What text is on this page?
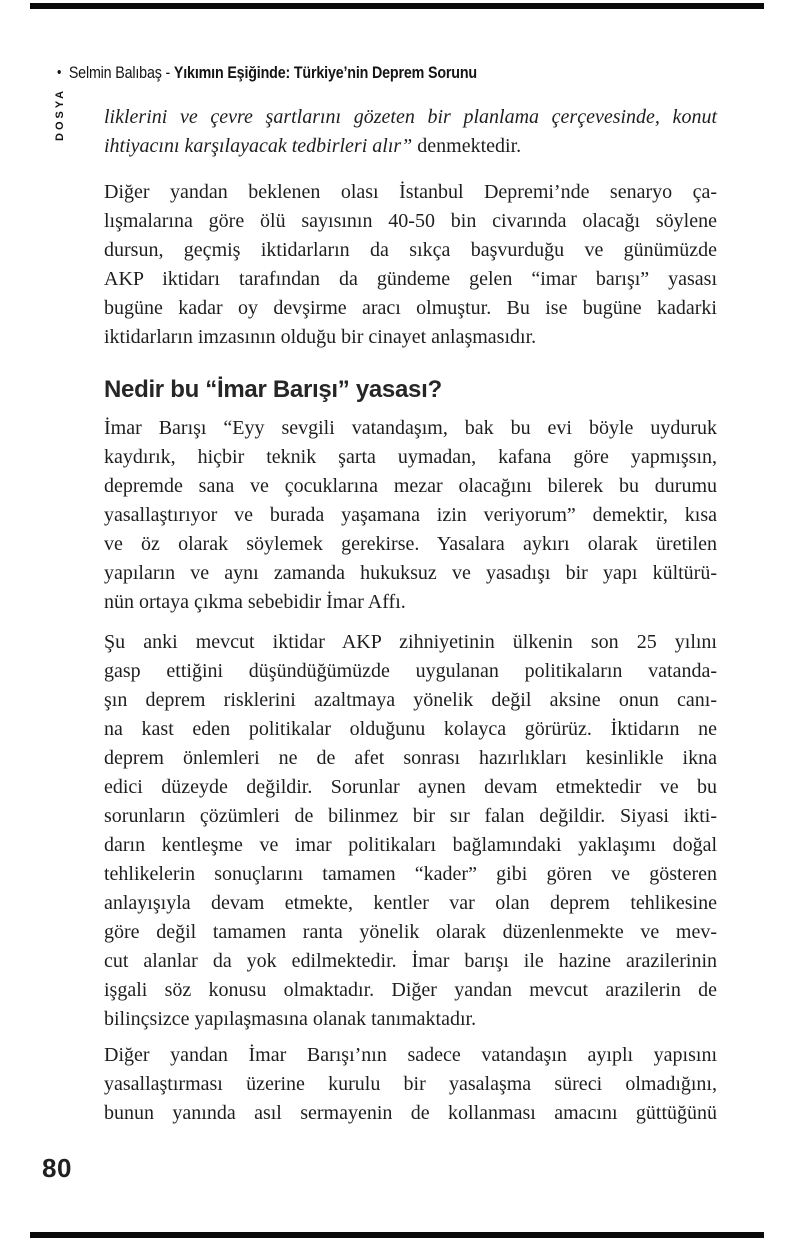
• Selmin Balıbaş - Yıkımın Eşiğinde: Türkiye’nin Deprem Sorunu
DOSYA liklerini ve çevre şartlarını gözeten bir planlama çerçevesinde, konut
ihtiyacını karşılayacak tedbirleri alır” denmektedir.
Diğer yandan beklenen olası İstanbul Depremi’nde senaryo ça-
lışmalarına göre ölü sayısının 40-50 bin civarında olacağı söylene
dursun, geçmiş iktidarların da sıkça başvurduğu ve günümüzde
AKP iktidarı tarafından da gündeme gelen “imar barışı” yasası
bugüne kadar oy devşirme aracı olmuştur. Bu ise bugüne kadarki
iktidarların imzasının olduğu bir cinayet anlaşmasıdır.
Nedir bu “İmar Barışı” yasası?
İmar Barışı “Eyy sevgili vatandaşım, bak bu evi böyle uyduruk
kaydırık, hiçbir teknik şarta uymadan, kafana göre yapmışsın,
depremde sana ve çocuklarına mezar olacağını bilerek bu durumu
yasallaştırıyor ve burada yaşamana izin veriyorum” demektir, kısa
ve öz olarak söylemek gerekirse. Yasalara aykırı olarak üretilen
yapıların ve aynı zamanda hukuksuz ve yasadışı bir yapı kültürü-
nün ortaya çıkma sebebidir İmar Affı.
Şu anki mevcut iktidar AKP zihniyetinin ülkenin son 25 yılını
gasp ettiğini düşündüğümüzde uygulanan politikaların vatanda-
şın deprem risklerini azaltmaya yönelik değil aksine onun canı-
na kast eden politikalar olduğunu kolayca görürüz. İktidarın ne
deprem önlemleri ne de afet sonrası hazırlıkları kesinlikle ikna
edici düzeyde değildir. Sorunlar aynen devam etmektedir ve bu
sorunların çözümleri de bilinmez bir sır falan değildir. Siyasi ikti-
darın kentleşme ve imar politikaları bağlamındaki yaklaşımı doğal
tehlikelerin sonuçlarını tamamen “kader” gibi gören ve gösteren
anlayışıyla devam etmekte, kentler var olan deprem tehlikesine
göre değil tamamen ranta yönelik olarak düzenlenmekte ve mev-
cut alanlar da yok edilmektedir. İmar barışı ile hazine arazilerinin
işgali söz konusu olmaktadır. Diğer yandan mevcut arazilerin de
bilinçsizce yapılaşmasına olanak tanımaktadır.
Diğer yandan İmar Barışı’nın sadece vatandaşın ayıplı yapısını
yasallaştırması üzerine kurulu bir yasalaşma süreci olmadığını,
bunun yanında asıl sermayenin de kollanması amacını güttüğünü
80
